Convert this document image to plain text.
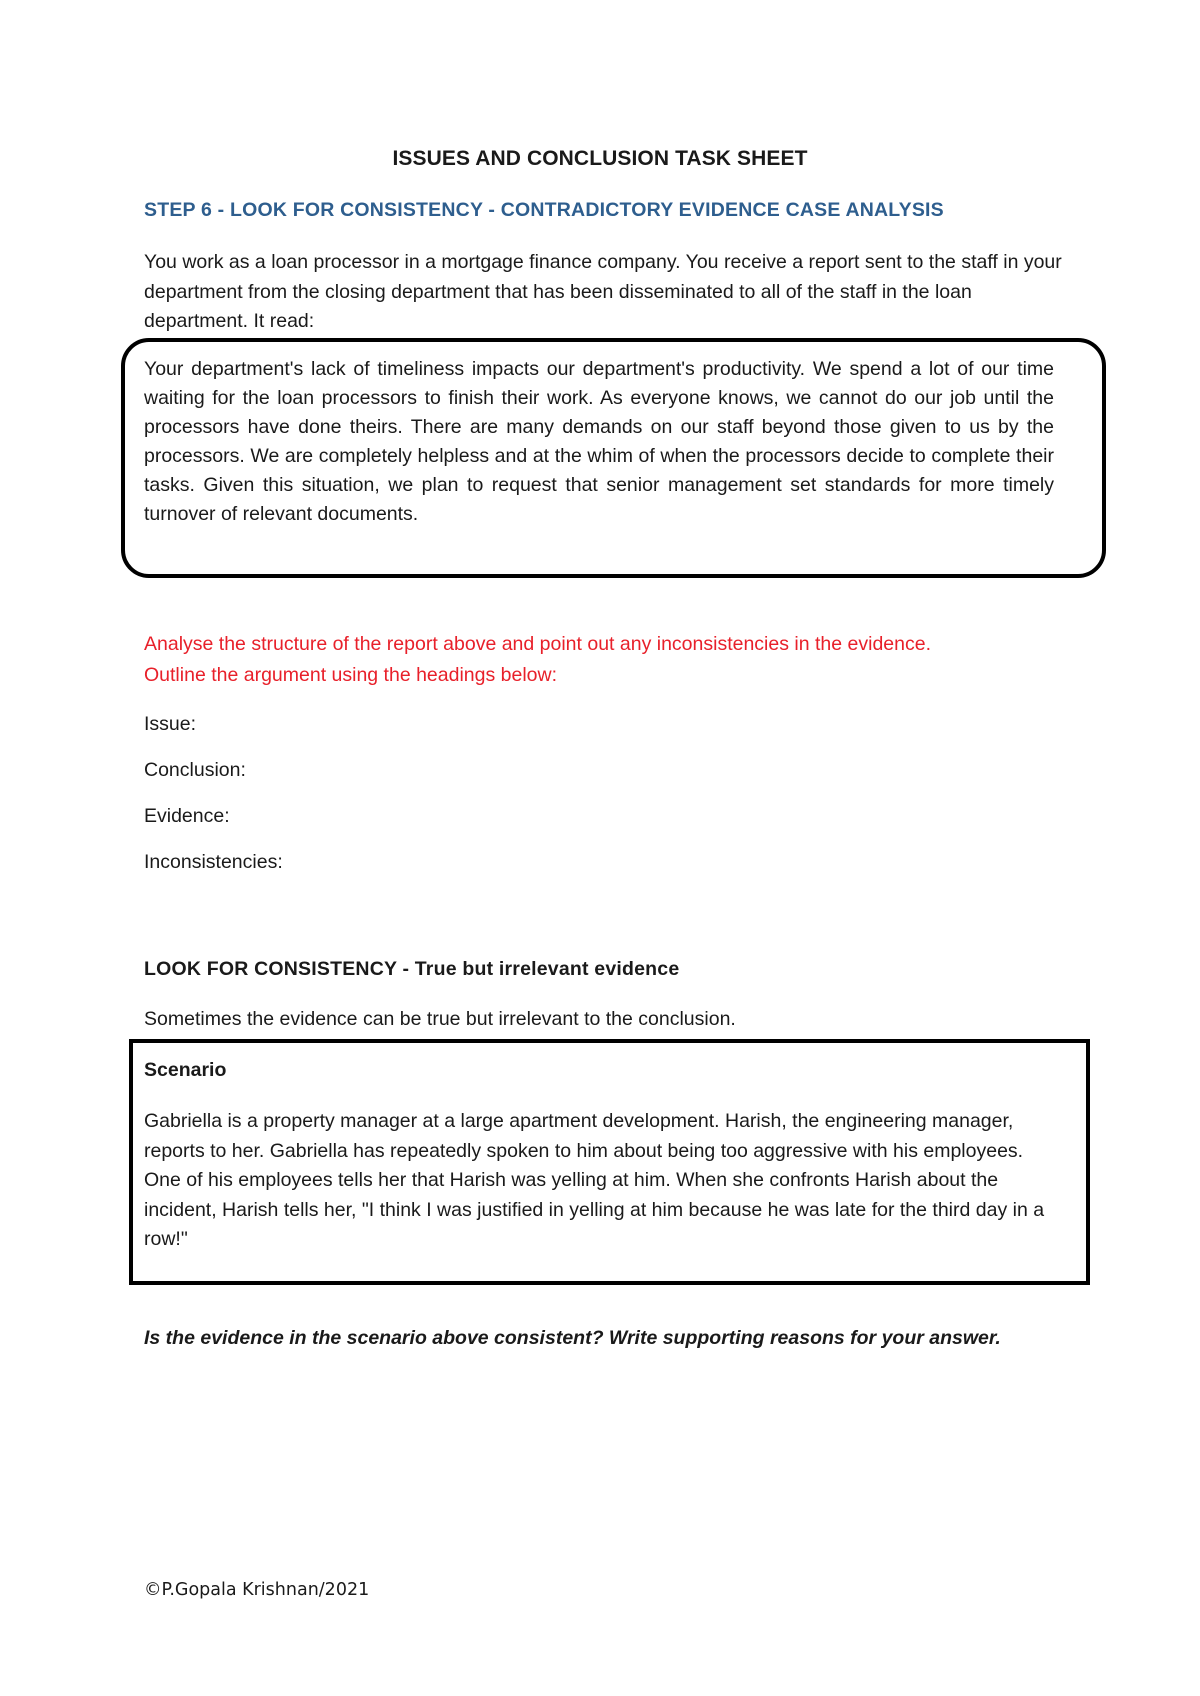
ISSUES AND CONCLUSION TASK SHEET
STEP 6 - LOOK FOR CONSISTENCY - CONTRADICTORY EVIDENCE CASE ANALYSIS
You work as a loan processor in a mortgage finance company. You receive a report sent to the staff in your department from the closing department that has been disseminated to all of the staff in the loan department. It read:
Your department's lack of timeliness impacts our department's productivity. We spend a lot of our time waiting for the loan processors to finish their work. As everyone knows, we cannot do our job until the processors have done theirs. There are many demands on our staff beyond those given to us by the processors. We are completely helpless and at the whim of when the processors decide to complete their tasks. Given this situation, we plan to request that senior management set standards for more timely turnover of relevant documents.
Analyse the structure of the report above and point out any inconsistencies in the evidence.
Outline the argument using the headings below:
Issue:
Conclusion:
Evidence:
Inconsistencies:
LOOK FOR CONSISTENCY - True but irrelevant evidence
Sometimes the evidence can be true but irrelevant to the conclusion.
Scenario
Gabriella is a property manager at a large apartment development. Harish, the engineering manager, reports to her. Gabriella has repeatedly spoken to him about being too aggressive with his employees. One of his employees tells her that Harish was yelling at him. When she confronts Harish about the incident, Harish tells her, "I think I was justified in yelling at him because he was late for the third day in a row!"
Is the evidence in the scenario above consistent? Write supporting reasons for your answer.
©P.Gopala Krishnan/2021
